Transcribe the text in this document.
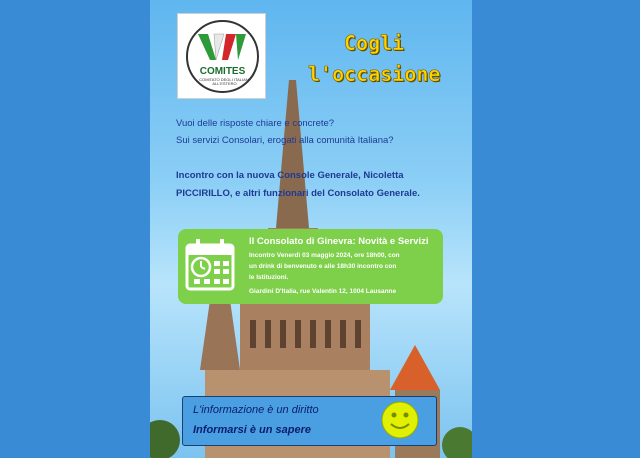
COMITES
COMITATO DEGLI ITALIANI ALL'ESTERO
Cogli
l'occasione
Vuoi delle risposte chiare e concrete?
Sui servizi Consolari, erogati alla comunità Italiana?
Incontro con la nuova Console Generale, Nicoletta
PICCIRILLO, e altri funzionari del Consolato Generale.
Il Consolato di Ginevra: Novità e Servizi
Incontro Venerdì 03 maggio 2024, ore 18h00, con
un drink di benvenuto e alle 18h30 incontro con
le Istituzioni.
Giardini D'Italia, rue Valentin 12, 1004 Lausanne
L'informazione è un diritto
Informarsi è un sapere
